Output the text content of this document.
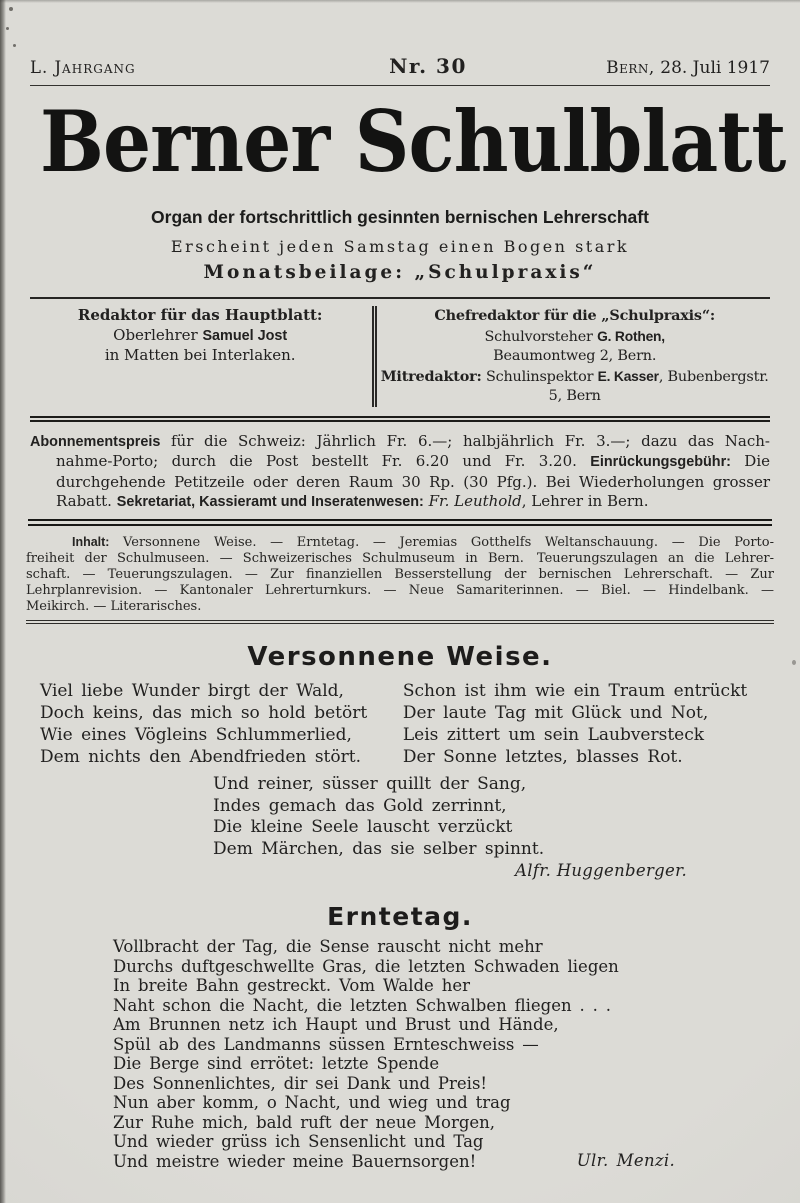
L. Jahrgang	Nr. 30	Bern, 28. Juli 1917
Berner Schulblatt
Organ der fortschrittlich gesinnten bernischen Lehrerschaft
Erscheint jeden Samstag einen Bogen stark
Monatsbeilage: „Schulpraxis“
Redaktor für das Hauptblatt:
Oberlehrer Samuel Jost
in Matten bei Interlaken.
Chefredaktor für die „Schulpraxis“: Schulvorsteher G. Rothen,
Beaumontweg 2, Bern.
Mitredaktor: Schulinspektor E. Kasser, Bubenbergstr. 5, Bern
Abonnementspreis für die Schweiz: Jährlich Fr. 6.—; halbjährlich Fr. 3.—; dazu das Nach-
nahme-Porto; durch die Post bestellt Fr. 6.20 und Fr. 3.20. Einrückungsgebühr: Die
durchgehende Petitzeile oder deren Raum 30 Rp. (30 Pfg.). Bei Wiederholungen grosser
Rabatt. Sekretariat, Kassieramt und Inseratenwesen: Fr. Leuthold, Lehrer in Bern.
Inhalt: Versonnene Weise. — Erntetag. — Jeremias Gotthelfs Weltanschauung. — Die Porto-
freiheit der Schulmuseen. — Schweizerisches Schulmuseum in Bern. Teuerungszulagen an die Lehrer-
schaft. — Teuerungszulagen. — Zur finanziellen Besserstellung der bernischen Lehrerschaft. — Zur
Lehrplanrevision. — Kantonaler Lehrerturnkurs. — Neue Samariterinnen. — Biel. — Hindelbank. —
Meikirch. — Literarisches.
Versonnene Weise.
Viel liebe Wunder birgt der Wald,
Doch keins, das mich so hold betört
Wie eines Vögleins Schlummerlied,
Dem nichts den Abendfrieden stört.
Schon ist ihm wie ein Traum entrückt
Der laute Tag mit Glück und Not,
Leis zittert um sein Laubversteck
Der Sonne letztes, blasses Rot.
Und reiner, süsser quillt der Sang,
Indes gemach das Gold zerrinnt,
Die kleine Seele lauscht verzückt
Dem Märchen, das sie selber spinnt.
Alfr. Huggenberger.
Erntetag.
Vollbracht der Tag, die Sense rauscht nicht mehr
Durchs duftgeschwellte Gras, die letzten Schwaden liegen
In breite Bahn gestreckt. Vom Walde her
Naht schon die Nacht, die letzten Schwalben fliegen . . .
Am Brunnen netz ich Haupt und Brust und Hände,
Spül ab des Landmanns süssen Ernteschweiss —
Die Berge sind errötet: letzte Spende
Des Sonnenlichtes, dir sei Dank und Preis!
Nun aber komm, o Nacht, und wieg und trag
Zur Ruhe mich, bald ruft der neue Morgen,
Und wieder grüss ich Sensenlicht und Tag
Und meistre wieder meine Bauernsorgen!	Ulr. Menzi.
